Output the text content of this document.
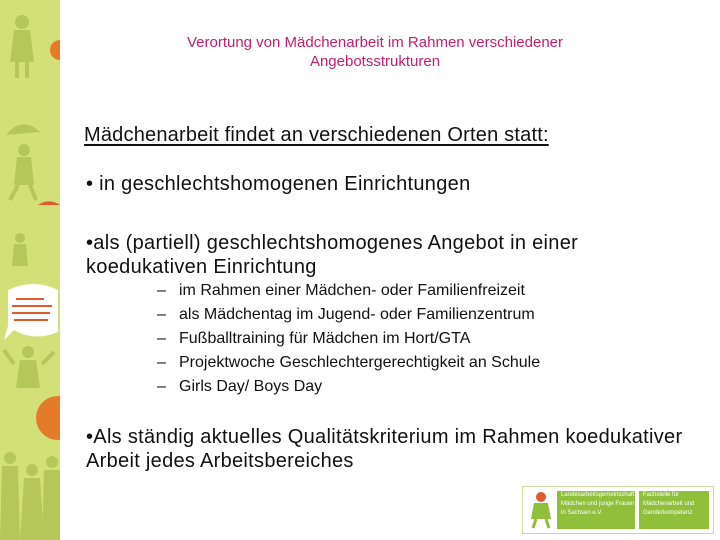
Verortung von Mädchenarbeit im Rahmen verschiedener
Angebotsstrukturen
Mädchenarbeit findet an verschiedenen Orten statt:
• in geschlechtshomogenen Einrichtungen
•als (partiell) geschlechtshomogenes Angebot in einer koedukativen Einrichtung
– im Rahmen einer Mädchen- oder Familienfreizeit
– als Mädchentag im Jugend- oder Familienzentrum
– Fußballtraining für Mädchen im Hort/GTA
– Projektwoche Geschlechtergerechtigkeit an Schule
– Girls Day/ Boys Day
•Als ständig aktuelles Qualitätskriterium im Rahmen koedukativer Arbeit jedes Arbeitsbereiches
Landesarbeitsgemeinschaft
Mädchen und junge Frauen
in Sachsen e.V.
Fachstelle für
Mädchenarbeit und
Genderkompetenz
